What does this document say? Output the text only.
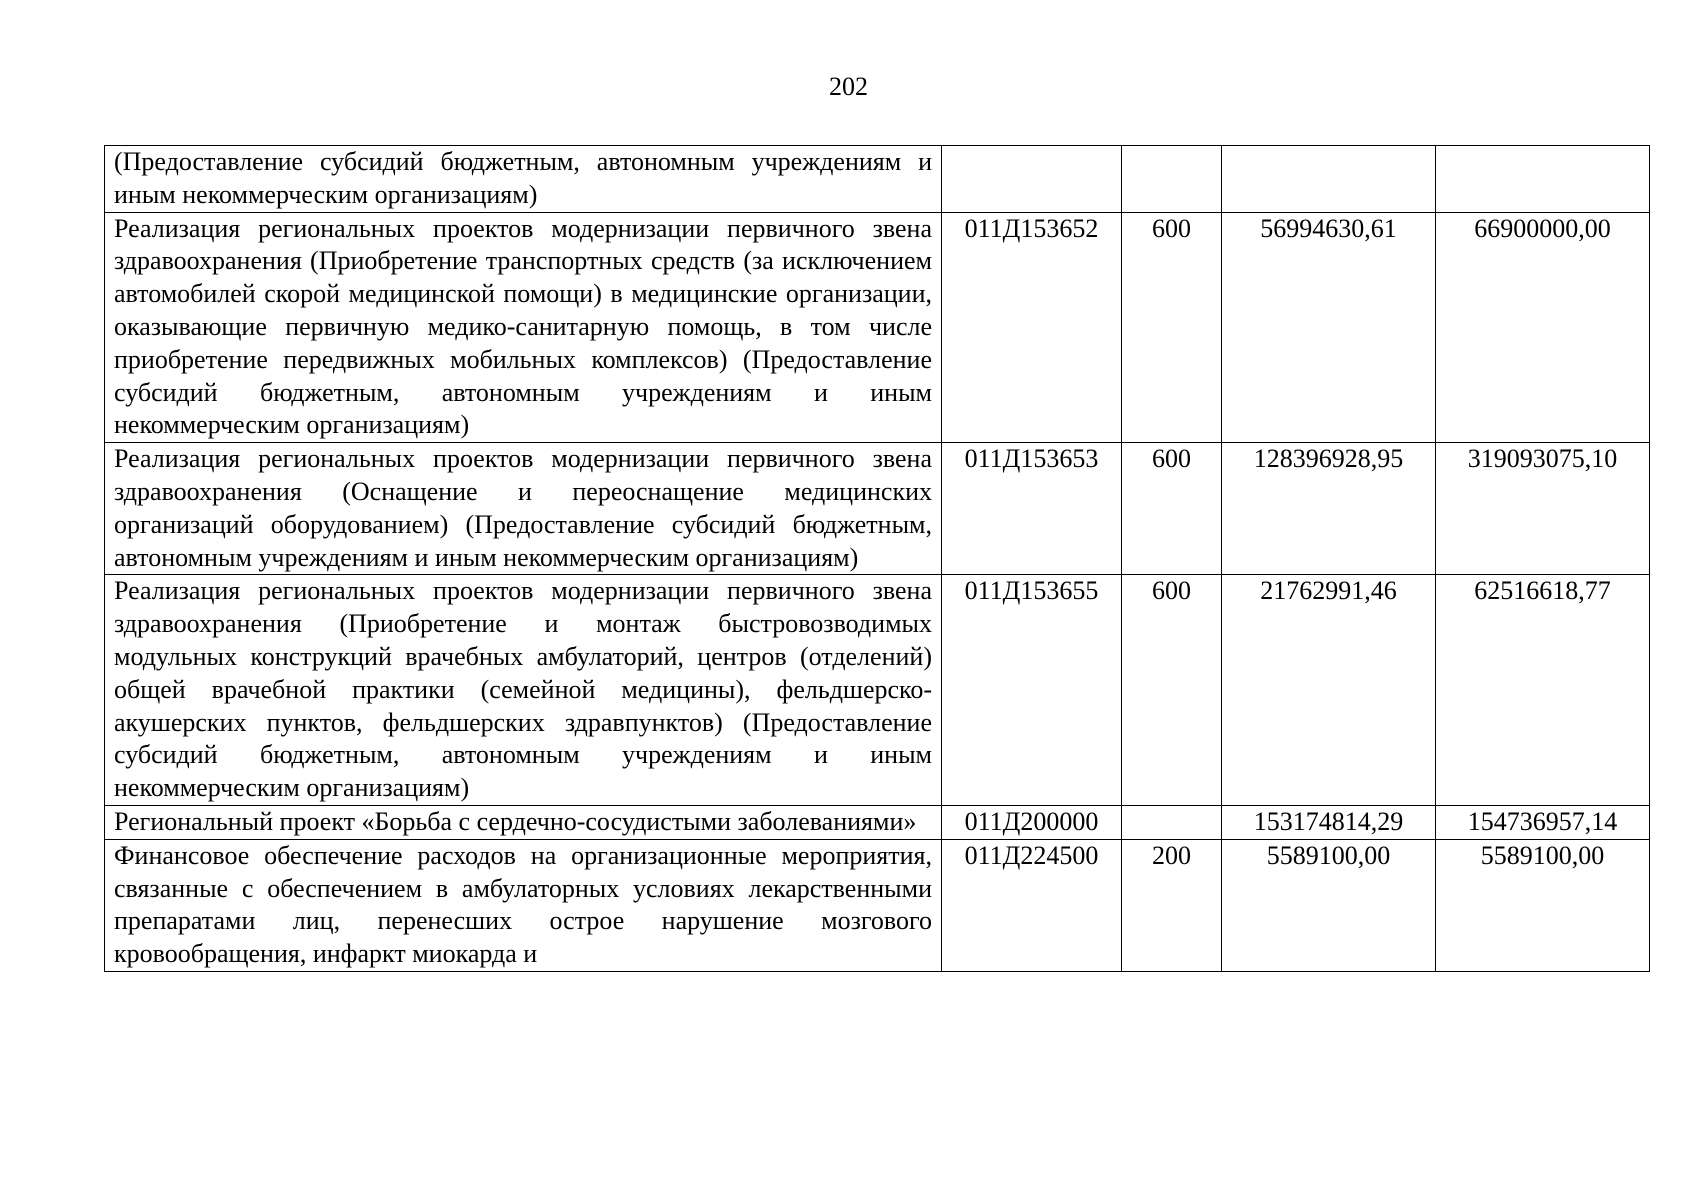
202
(Предоставление субсидий бюджетным, автономным учреждениям и иным некоммерческим организациям)				
Реализация региональных проектов модернизации первичного звена здравоохранения (Приобретение транспортных средств (за исключением автомобилей скорой медицинской помощи) в медицинские организации, оказывающие первичную медико-санитарную помощь, в том числе приобретение передвижных мобильных комплексов) (Предоставление субсидий бюджетным, автономным учреждениям и иным некоммерческим организациям)	011Д153652	600	56994630,61	66900000,00
Реализация региональных проектов модернизации первичного звена здравоохранения (Оснащение и переоснащение медицинских организаций оборудованием) (Предоставление субсидий бюджетным, автономным учреждениям и иным некоммерческим организациям)	011Д153653	600	128396928,95	319093075,10
Реализация региональных проектов модернизации первичного звена здравоохранения (Приобретение и монтаж быстровозводимых модульных конструкций врачебных амбулаторий, центров (отделений) общей врачебной практики (семейной медицины), фельдшерско-акушерских пунктов, фельдшерских здравпунктов) (Предоставление субсидий бюджетным, автономным учреждениям и иным некоммерческим организациям)	011Д153655	600	21762991,46	62516618,77
Региональный проект «Борьба с сердечно-сосудистыми заболеваниями»	011Д200000		153174814,29	154736957,14
Финансовое обеспечение расходов на организационные мероприятия, связанные с обеспечением в амбулаторных условиях лекарственными препаратами лиц, перенесших острое нарушение мозгового кровообращения, инфаркт миокарда и	011Д224500	200	5589100,00	5589100,00
